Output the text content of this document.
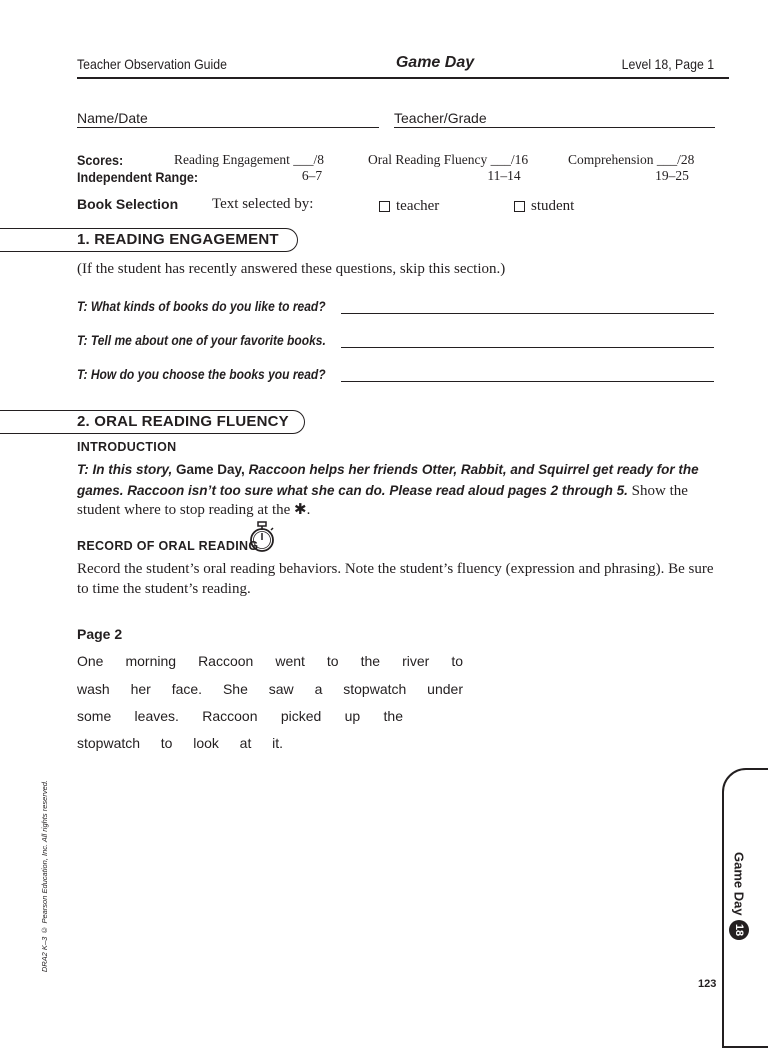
Teacher Observation Guide	Game Day	Level 18, Page 1
Name/Date	Teacher/Grade
Scores:
Independent Range:
Reading Engagement ___/8	Oral Reading Fluency ___/16	Comprehension ___/28
6–7	11–14	19–25
Book Selection Text selected by:	teacher	student
1. READING ENGAGEMENT
(If the student has recently answered these questions, skip this section.)
T: What kinds of books do you like to read?
T: Tell me about one of your favorite books.
T: How do you choose the books you read?
2. ORAL READING FLUENCY
INTRODUCTION
T: In this story, Game Day, Raccoon helps her friends Otter, Rabbit, and Squirrel get ready for the games. Raccoon isn’t too sure what she can do. Please read aloud pages 2 through 5. Show the student where to stop reading at the ✱.
RECORD OF ORAL READING
Record the student’s oral reading behaviors. Note the student’s fluency (expression and phrasing). Be sure to time the student’s reading.
Page 2
One morning Raccoon went to the river to
wash her face. She saw a stopwatch under
some leaves. Raccoon picked up the
stopwatch to look at it.
DRA2 K–3 © Pearson Education, Inc. All rights reserved.	Game Day
18
123
